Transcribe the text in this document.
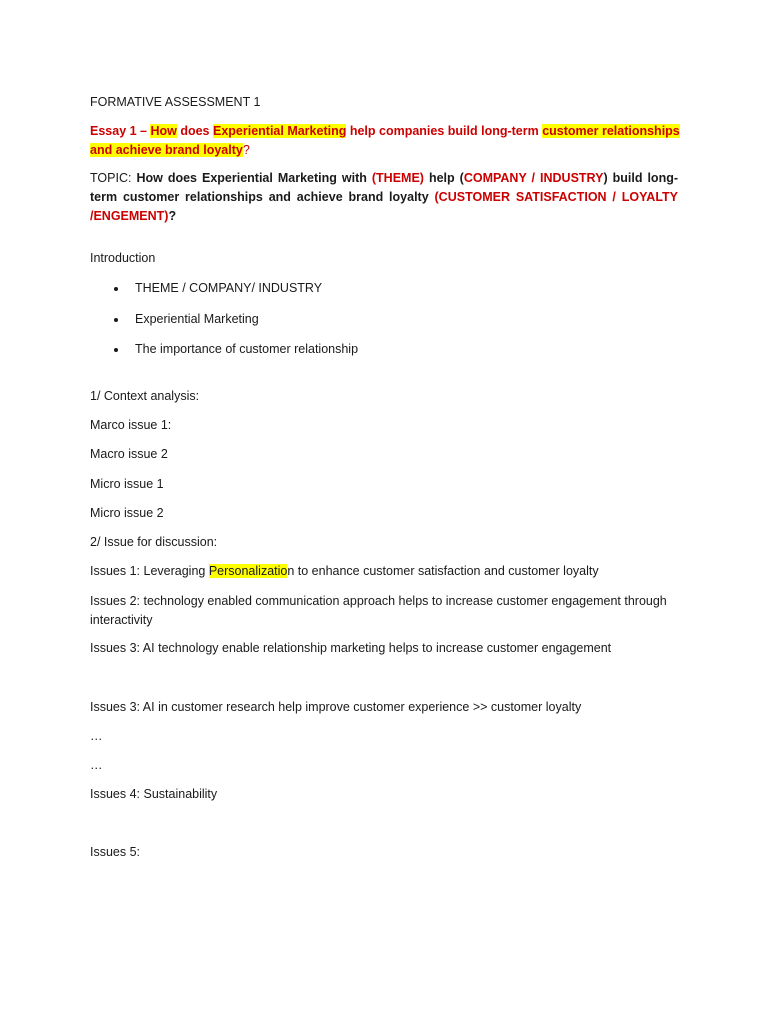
FORMATIVE ASSESSMENT 1
Essay 1 – How does Experiential Marketing help companies build long-term customer relationships
and achieve brand loyalty?
TOPIC: How does Experiential Marketing with (THEME) help (COMPANY / INDUSTRY) build long-term customer relationships and achieve brand loyalty (CUSTOMER SATISFACTION / LOYALTY /ENGEMENT)?
Introduction
THEME / COMPANY/ INDUSTRY
Experiential Marketing
The importance of customer relationship
1/ Context analysis:
Marco issue 1:
Macro issue 2
Micro issue 1
Micro issue 2
2/ Issue for discussion:
Issues 1: Leveraging Personalization to enhance customer satisfaction and customer loyalty
Issues 2: technology enabled communication approach helps to increase customer engagement through interactivity
Issues 3: AI technology enable relationship marketing helps to increase customer engagement
Issues 3: AI in customer research help improve customer experience >> customer loyalty
…
…
Issues 4: Sustainability
Issues 5:
